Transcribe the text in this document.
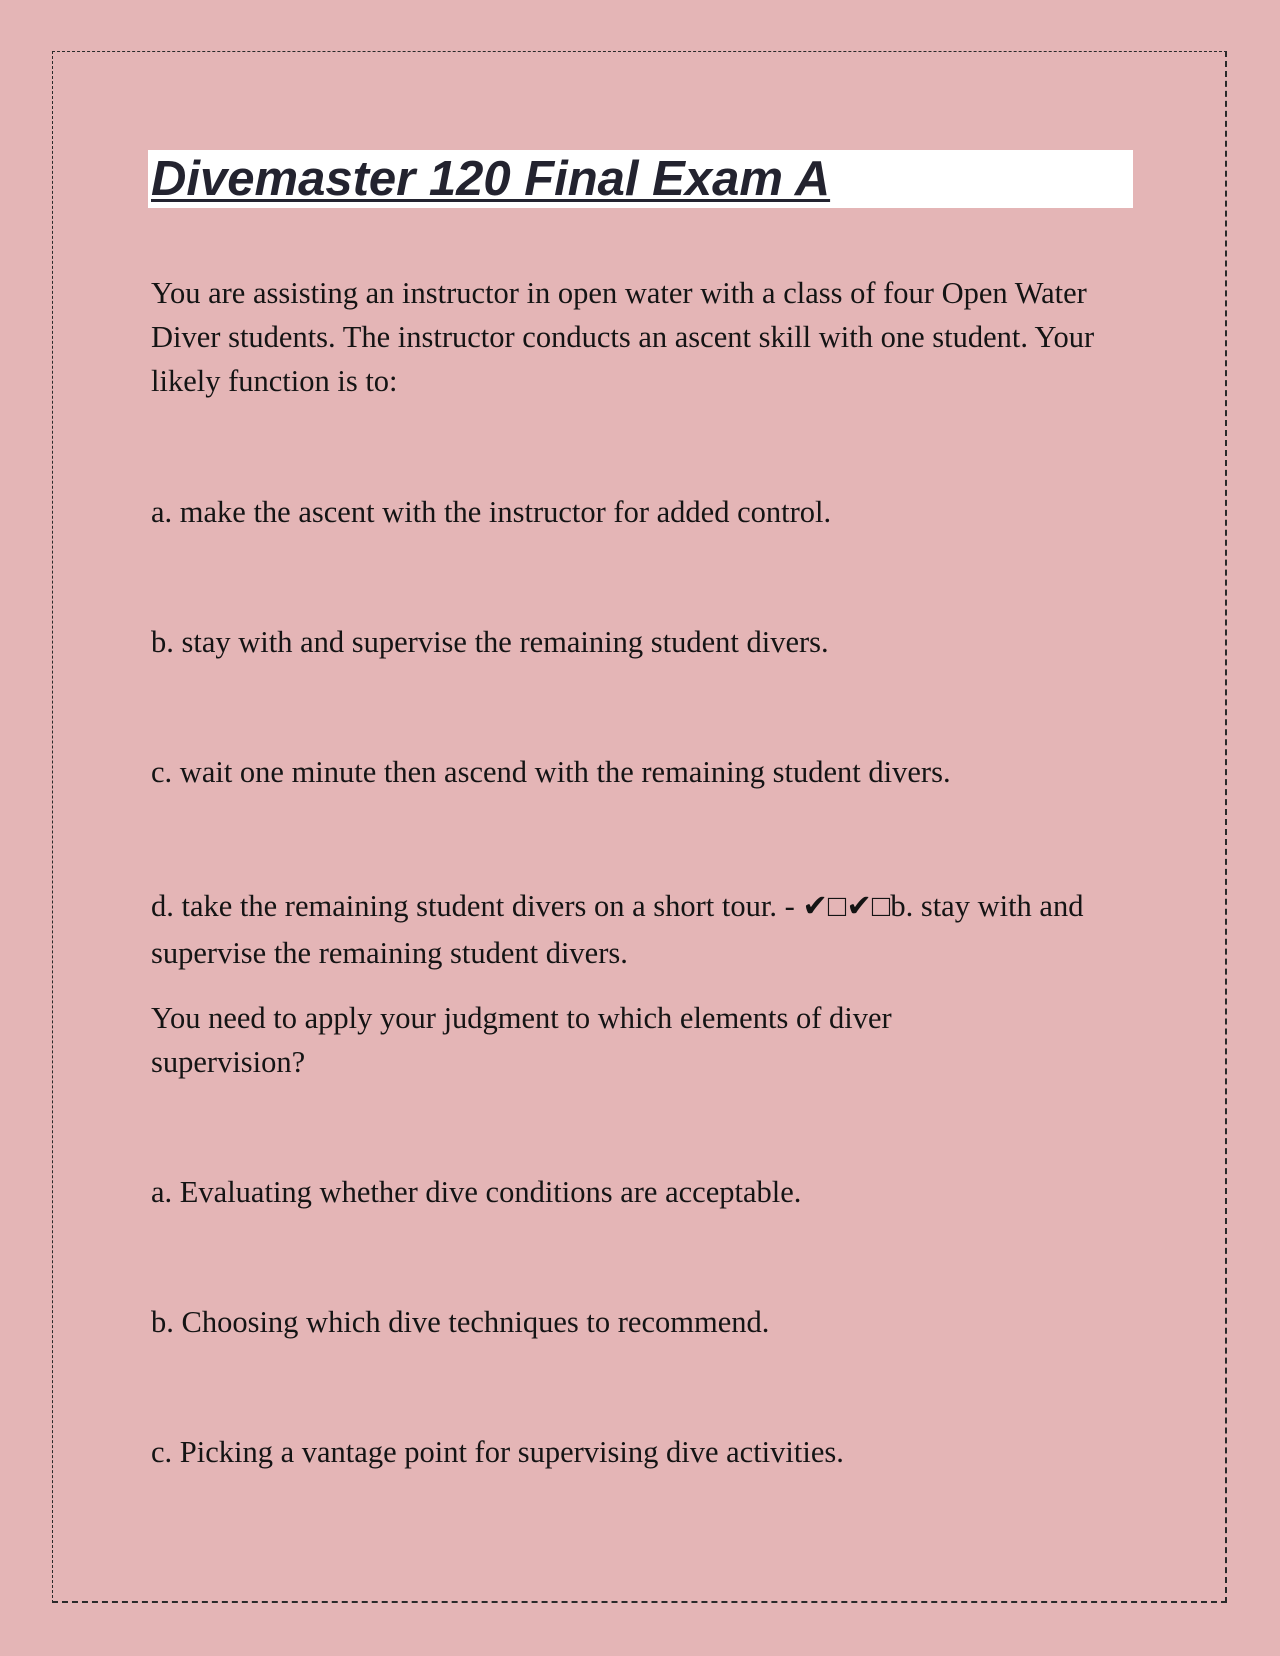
Divemaster 120 Final Exam A

You are assisting an instructor in open water with a class of four Open Water Diver students. The instructor conducts an ascent skill with one student. Your likely function is to:

a. make the ascent with the instructor for added control.

b. stay with and supervise the remaining student divers.

c. wait one minute then ascend with the remaining student divers.

d. take the remaining student divers on a short tour. - ✔□✔□b. stay with and supervise the remaining student divers.

You need to apply your judgment to which elements of diver supervision?

a. Evaluating whether dive conditions are acceptable.

b. Choosing which dive techniques to recommend.

c. Picking a vantage point for supervising dive activities.
